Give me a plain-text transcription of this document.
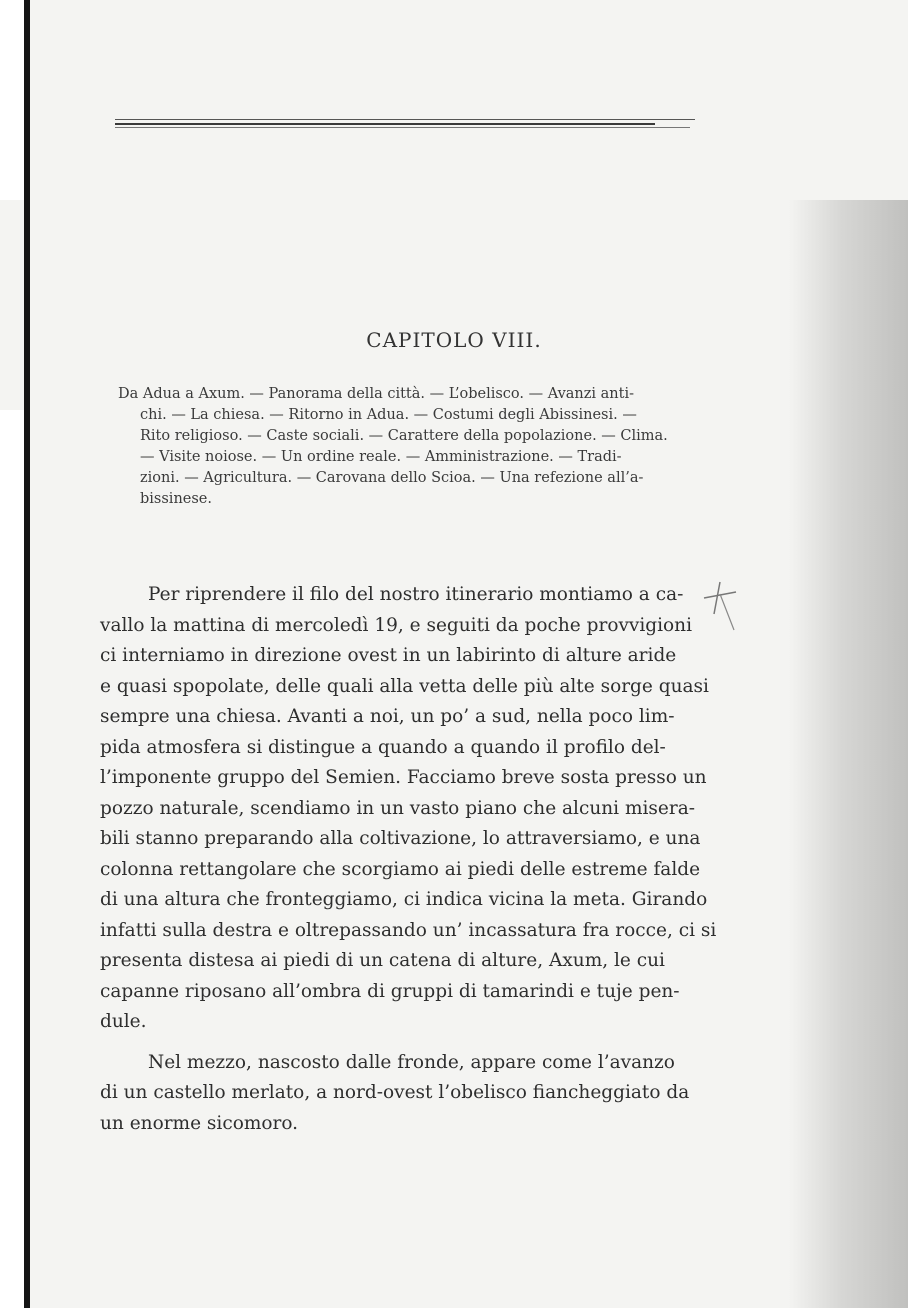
CAPITOLO VIII.
Da Adua a Axum. — Panorama della città. — L’obelisco. — Avanzi anti-
chi. — La chiesa. — Ritorno in Adua. — Costumi degli Abissinesi. —
Rito religioso. — Caste sociali. — Carattere della popolazione. — Clima.
— Visite noiose. — Un ordine reale. — Amministrazione. — Tradi-
zioni. — Agricultura. — Carovana dello Scioa. — Una refezione all’a-
bissinese.
Per riprendere il filo del nostro itinerario montiamo a ca-
vallo la mattina di mercoledì 19, e seguiti da poche provvigioni
ci interniamo in direzione ovest in un labirinto di alture aride
e quasi spopolate, delle quali alla vetta delle più alte sorge quasi
sempre una chiesa. Avanti a noi, un po’ a sud, nella poco lim-
pida atmosfera si distingue a quando a quando il profilo del-
l’imponente gruppo del Semien. Facciamo breve sosta presso un
pozzo naturale, scendiamo in un vasto piano che alcuni misera-
bili stanno preparando alla coltivazione, lo attraversiamo, e una
colonna rettangolare che scorgiamo ai piedi delle estreme falde
di una altura che fronteggiamo, ci indica vicina la meta. Girando
infatti sulla destra e oltrepassando un’ incassatura fra rocce, ci si
presenta distesa ai piedi di un catena di alture, Axum, le cui
capanne riposano all’ombra di gruppi di tamarindi e tuje pen-
dule.
Nel mezzo, nascosto dalle fronde, appare come l’avanzo
di un castello merlato, a nord-ovest l’obelisco fiancheggiato da
un enorme sicomoro.
